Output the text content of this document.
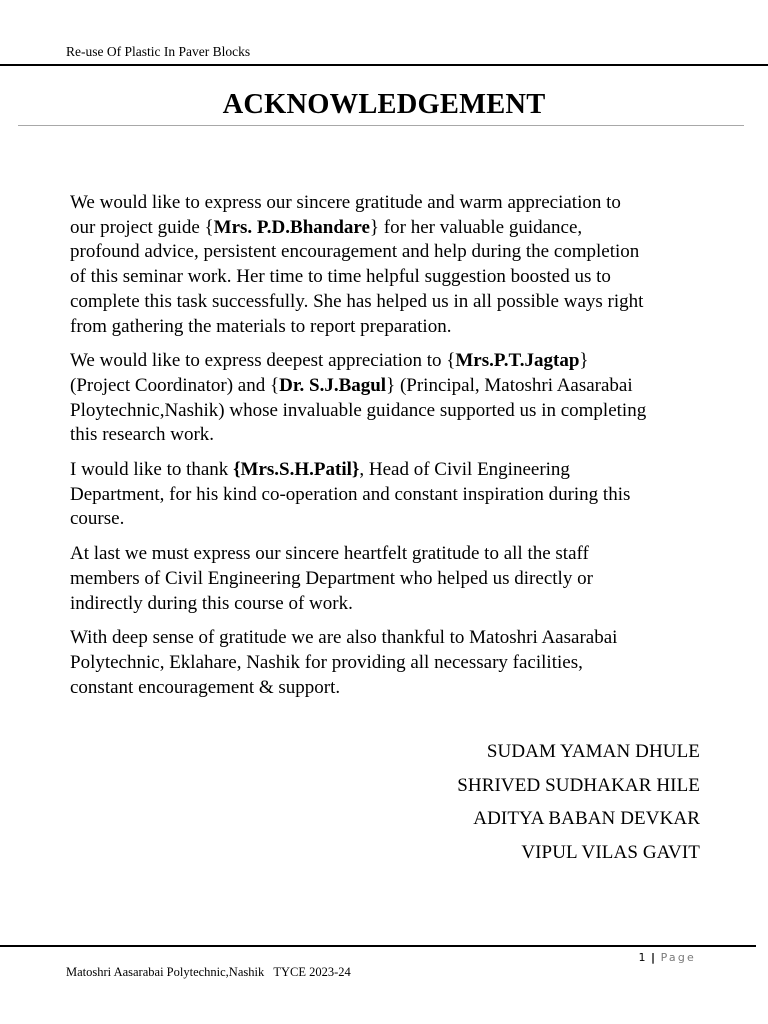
Re-use Of Plastic In Paver Blocks
ACKNOWLEDGEMENT

We would like to express our sincere gratitude and warm appreciation to
our project guide {Mrs. P.D.Bhandare} for her valuable guidance,
profound advice, persistent encouragement and help during the completion
of this seminar work. Her time to time helpful suggestion boosted us to
complete this task successfully. She has helped us in all possible ways right
from gathering the materials to report preparation.

We would like to express deepest appreciation to {Mrs.P.T.Jagtap}
(Project Coordinator) and {Dr. S.J.Bagul} (Principal, Matoshri Aasarabai
Ploytechnic,Nashik) whose invaluable guidance supported us in completing
this research work.

I would like to thank {Mrs.S.H.Patil}, Head of Civil Engineering
Department, for his kind co-operation and constant inspiration during this
course.

At last we must express our sincere heartfelt gratitude to all the staff
members of Civil Engineering Department who helped us directly or
indirectly during this course of work.

With deep sense of gratitude we are also thankful to Matoshri Aasarabai
Polytechnic, Eklahare, Nashik for providing all necessary facilities,
constant encouragement & support.

SUDAM YAMAN DHULE
SHRIVED SUDHAKAR HILE
ADITYA BABAN DEVKAR
VIPUL VILAS GAVIT
1 | Page
Matoshri Aasarabai Polytechnic,Nashik TYCE 2023-24
